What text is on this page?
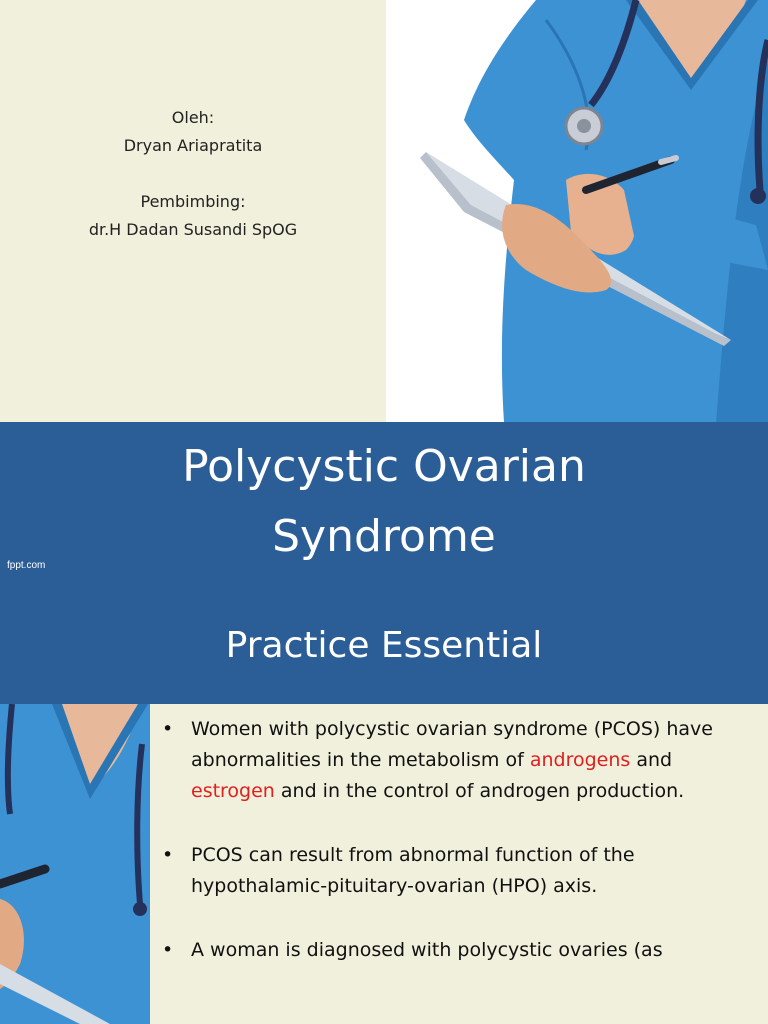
Oleh:
Dryan Ariapratita
Pembimbing:
dr.H Dadan Susandi SpOG
Polycystic Ovarian
Syndrome
fppt.com
Practice Essential
• Women with polycystic ovarian syndrome (PCOS) have abnormalities in the metabolism of androgens and estrogen and in the control of androgen production.
• PCOS can result from abnormal function of the hypothalamic-pituitary-ovarian (HPO) axis.
• A woman is diagnosed with polycystic ovaries (as
